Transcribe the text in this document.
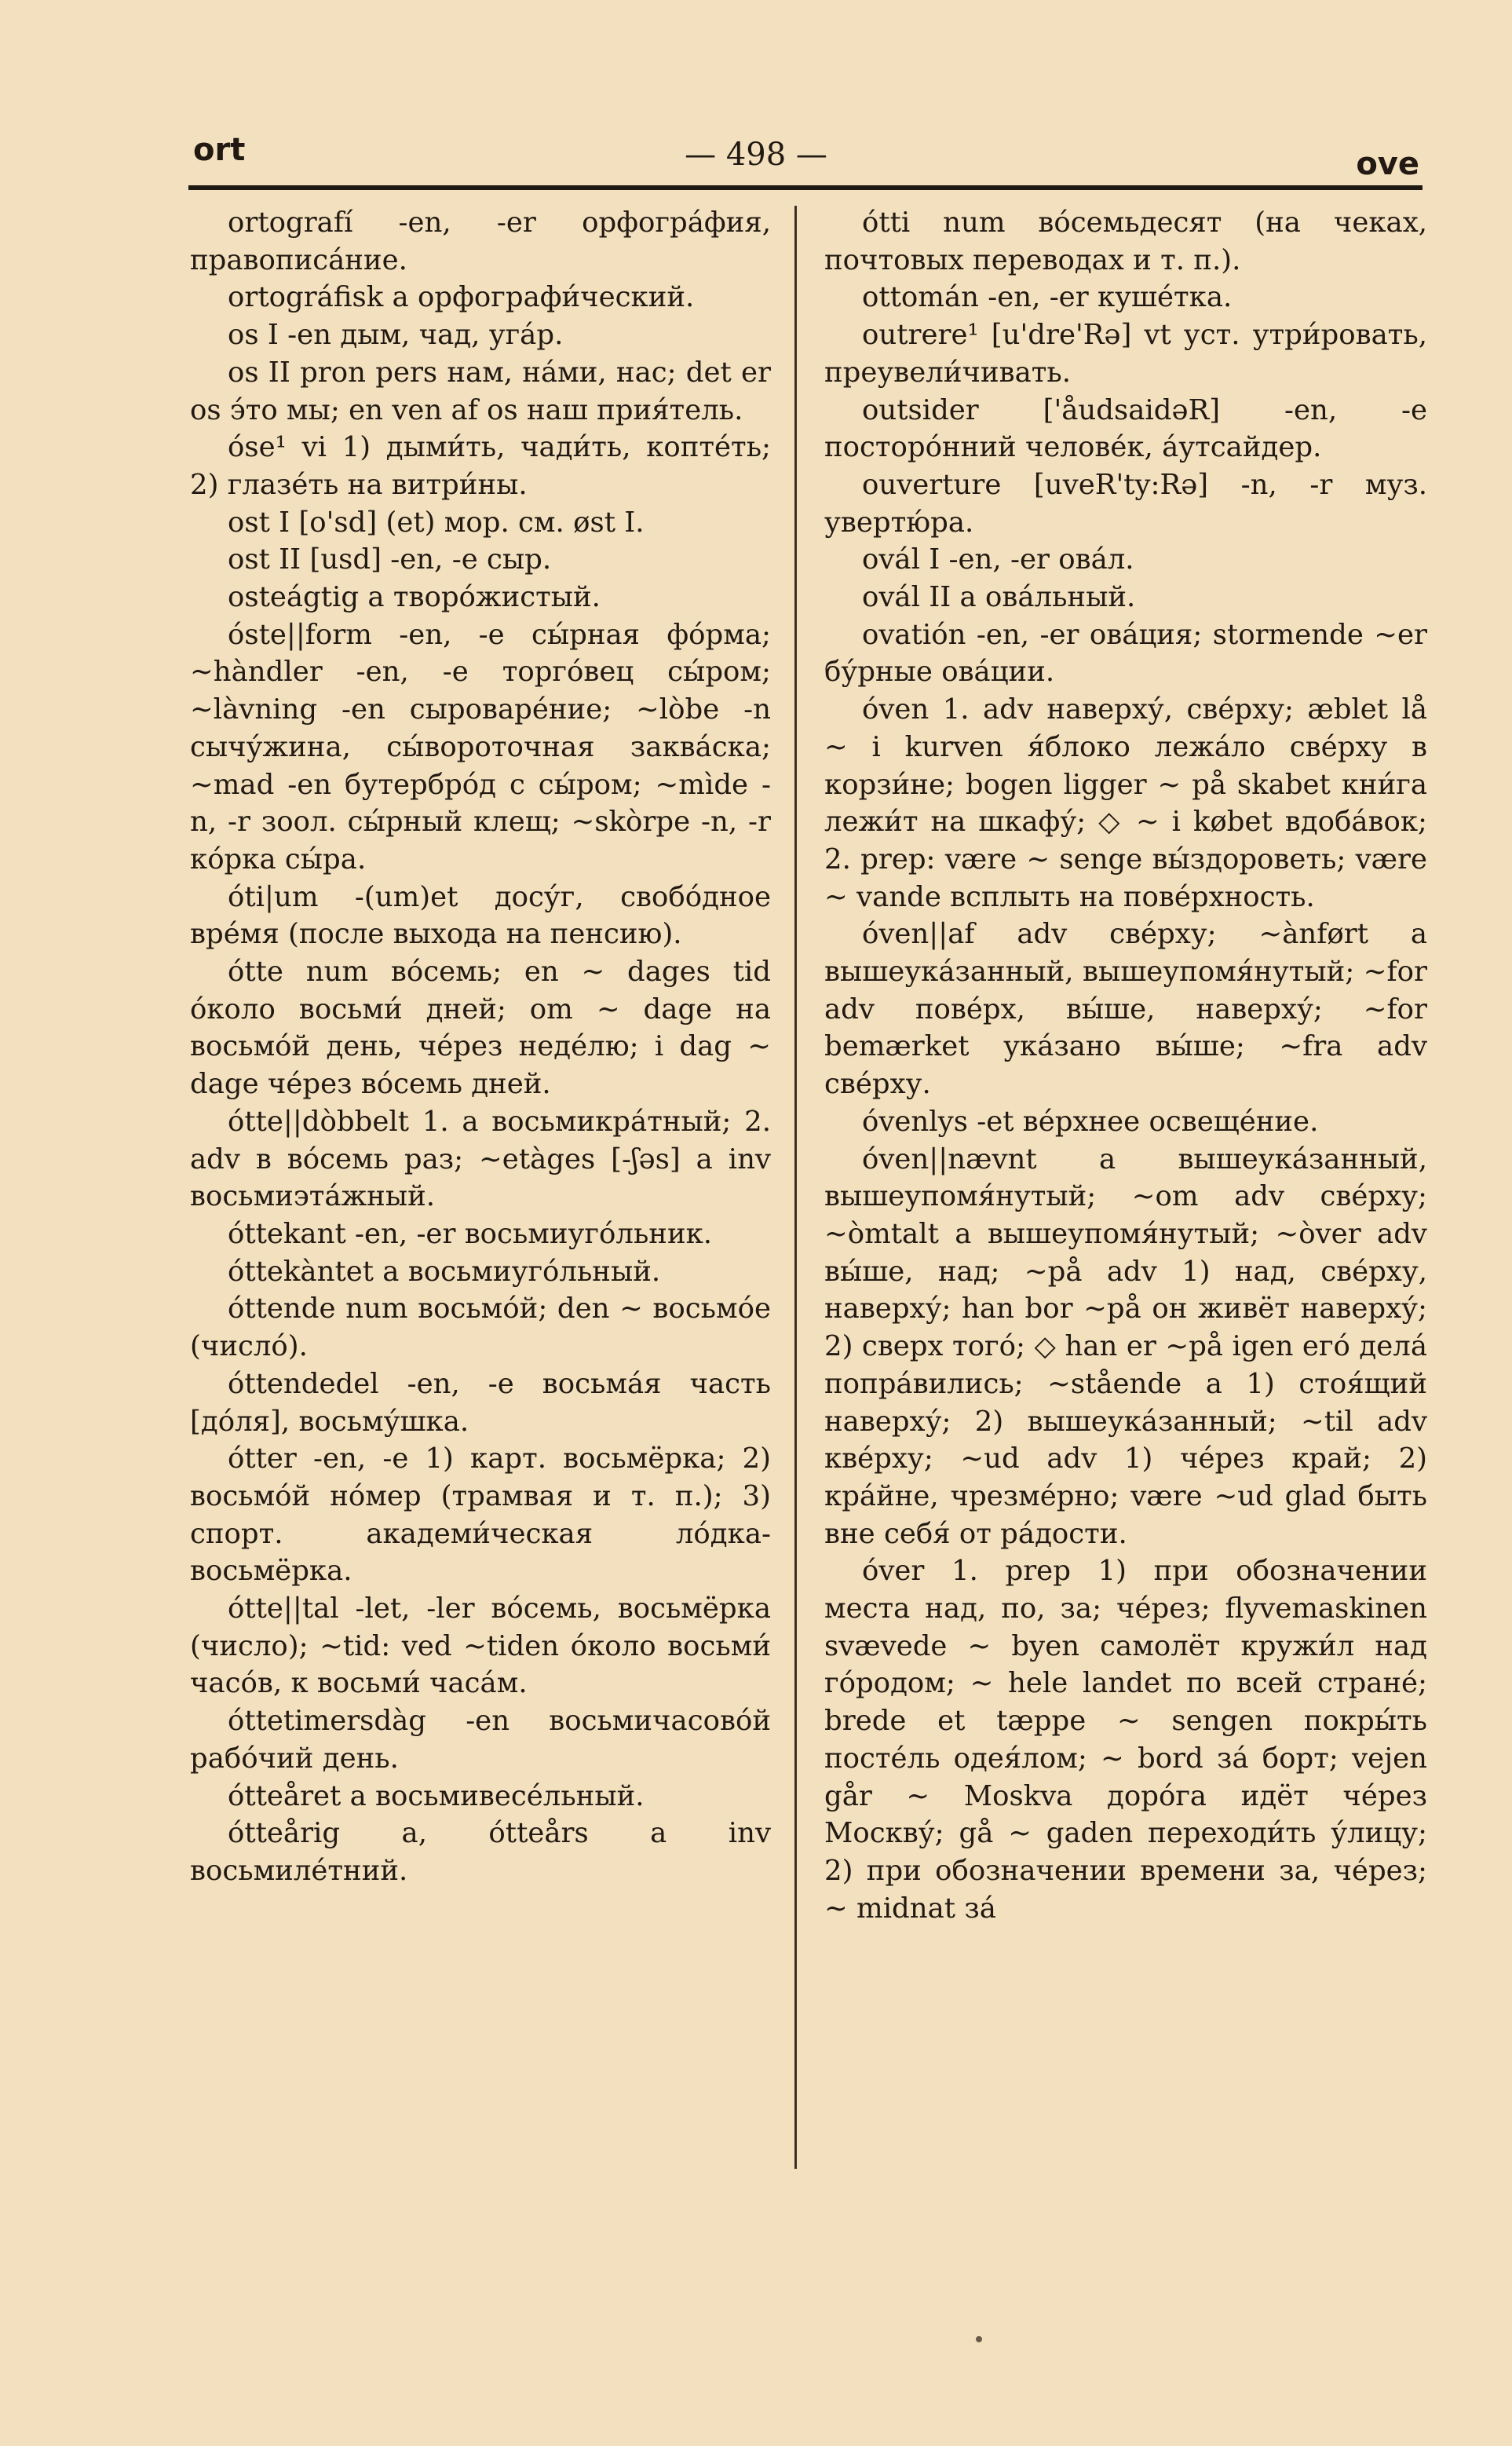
ort	— 498 —	ove

ortografí -en, -er орфогра́фия, правописа́ние.

ortográfisk a орфографи́ческий.

os I -en дым, чад, уга́р.

os II pron pers нам, на́ми, нас; det er os э́то мы; en ven af os наш прия́тель.

óse¹ vi 1) дыми́ть, чади́ть, копте́ть; 2) глазе́ть на витри́ны.

ost I [o'sd] (et) мор. см. øst I.

ost II [usd] -en, -e сыр.

osteágtig a творо́жистый.

óste||form -en, -e сы́рная фо́рма; ~hàndler -en, -e торго́вец сы́ром; ~làvning -en сыроваре́ние; ~lòbe -n сычу́жина, сы́вороточная заква́ска; ~mad -en бутербро́д с сы́ром; ~mìde -n, -r зоол. сы́рный клещ; ~skòrpe -n, -r ко́рка сы́ра.

óti|um -(um)et досу́г, свобо́дное вре́мя (после выхода на пенсию).

ótte num во́семь; en ~ dages tid о́коло восьми́ дней; om ~ dage на восьмо́й день, че́рез неде́лю; i dag ~ dage че́рез во́семь дней.

ótte||dòbbelt 1. a восьмикра́тный; 2. adv в во́семь раз; ~etàges [-ʃəs] a inv восьмиэта́жный.

óttekant -en, -er восьмиуго́льник.

óttekàntet a восьмиуго́льный.

óttende num восьмо́й; den ~ восьмо́е (число́).

óttendedel -en, -e восьма́я часть [до́ля], восьму́шка.

ótter -en, -e 1) карт. восьмёрка; 2) восьмо́й но́мер (трамвая и т. п.); 3) спорт. академи́ческая ло́дка-восьмёрка.

ótte||tal -let, -ler во́семь, восьмёрка (число); ~tid: ved ~tiden о́коло восьми́ часо́в, к восьми́ часа́м.

óttetimersdàg -en восьмичасово́й рабо́чий день.

ótteåret a восьмивесе́льный.

ótteårig a, ótteårs a inv восьмиле́тний.

ótti num во́семьдесят (на чеках, почтовых переводах и т. п.).

ottomán -en, -er куше́тка.

outrere¹ [u'dre'Rə] vt уст. утри́ровать, преувели́чивать.

outsider ['åudsaidəR] -en, -e посторо́нний челове́к, а́утсайдер.

ouverture [uveR'ty:Rə] -n, -r муз. увертю́ра.

ovál I -en, -er ова́л.

ovál II a ова́льный.

ovatión -en, -er ова́ция; stormende ~er бу́рные ова́ции.

óven 1. adv наверху́, све́рху; æblet lå ~ i kurven я́блоко лежа́ло све́рху в корзи́не; bogen ligger ~ på skabet кни́га лежи́т на шкафу́; ◇ ~ i købet вдоба́вок; 2. prep: være ~ senge вы́здороветь; være ~ vande всплыть на пове́рхность.

óven||af adv све́рху; ~ànført a вышеука́занный, вышеупомя́нутый; ~for adv пове́рх, вы́ше, наверху́; ~for bemærket ука́зано вы́ше; ~fra adv све́рху.

óvenlys -et ве́рхнее освеще́ние.

óven||nævnt a вышеука́занный, вышеупомя́нутый; ~om adv све́рху; ~òmtalt a вышеупомя́нутый; ~òver adv вы́ше, над; ~på adv 1) над, све́рху, наверху́; han bor ~på он живёт наверху́; 2) сверх того́; ◇ han er ~på igen его́ дела́ попра́вились; ~stående a 1) стоя́щий наверху́; 2) вышеука́занный; ~til adv кве́рху; ~ud adv 1) че́рез край; 2) кра́йне, чрезме́рно; være ~ud glad быть вне себя́ от ра́дости.

óver 1. prep 1) при обозначении места над, по, за; че́рез; flyvemaskinen svævede ~ byen самолёт кружи́л над го́родом; ~ hele landet по всей стране́; brede et tæppe ~ sengen покры́ть посте́ль одея́лом; ~ bord за́ борт; vejen går ~ Moskva доро́га идёт че́рез Москву́; gå ~ gaden переходи́ть у́лицу; 2) при обозначении времени за, че́рез; ~ midnat за́
